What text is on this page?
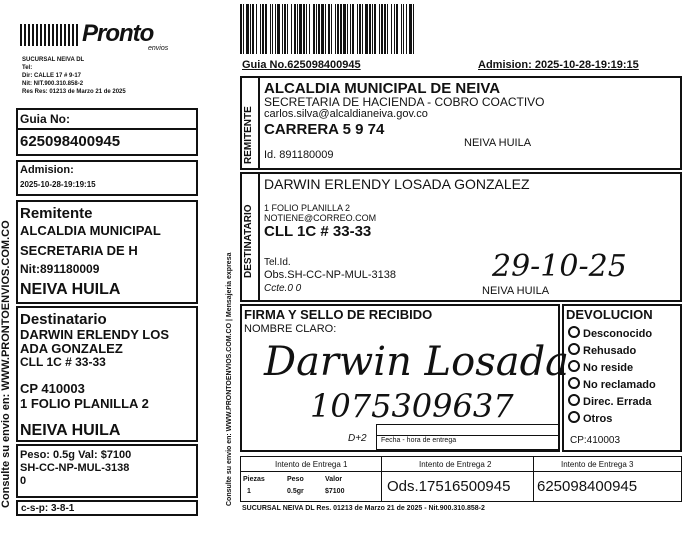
Pronto
envios
SUCURSAL NEIVA DL
Tel:
Dir: CALLE 17 # 9-17
Nit: NIT.900.310.858-2
Res Res: 01213 de Marzo 21 de 2025
Guia No:
625098400945
Admision:
2025-10-28-19:19:15
Remitente
ALCALDIA MUNICIPAL
SECRETARIA DE H
Nit:891180009
NEIVA HUILA
Destinatario
DARWIN ERLENDY LOS
ADA GONZALEZ
CLL 1C # 33-33
CP 410003
1 FOLIO PLANILLA 2
NEIVA HUILA
Peso: 0.5g Val: $7100
SH-CC-NP-MUL-3138
0
c-s-p: 3-8-1
Consulte su envio en: WWW.PRONTOENVIOS.COM.CO
Guia No.625098400945	Admision: 2025-10-28-19:19:15
REMITENTE
ALCALDIA MUNICIPAL DE NEIVA
SECRETARIA DE HACIENDA - COBRO COACTIVO
carlos.silva@alcaldianeiva.gov.co
CARRERA 5 9 74
NEIVA HUILA
Id. 891180009
DESTINATARIO
DARWIN ERLENDY LOSADA GONZALEZ
1 FOLIO PLANILLA 2
NOTIENE@CORREO.COM
CLL 1C # 33-33
Tel.Id.
Obs.SH-CC-NP-MUL-3138
Ccte.0 0	NEIVA HUILA
29-10-25
Consulte su envio en: WWW.PRONTOENVIOS.COM.CO | Mensajeria expresa FIRMA Y SELLO DE RECIBIDO
NOMBRE CLARO:
Darwin Losada
1075309637
D+2 Fecha - hora de entrega
DEVOLUCION
Desconocido
Rehusado
No reside
No reclamado
Direc. Errada
Otros
CP:410003
Intento de Entrega 1	Intento de Entrega 2	Intento de Entrega 3
Piezas	Peso	Valor
1	0.5gr	$7100	Ods.17516500945 625098400945
SUCURSAL NEIVA DL Res. 01213 de Marzo 21 de 2025 - Nit.900.310.858-2
